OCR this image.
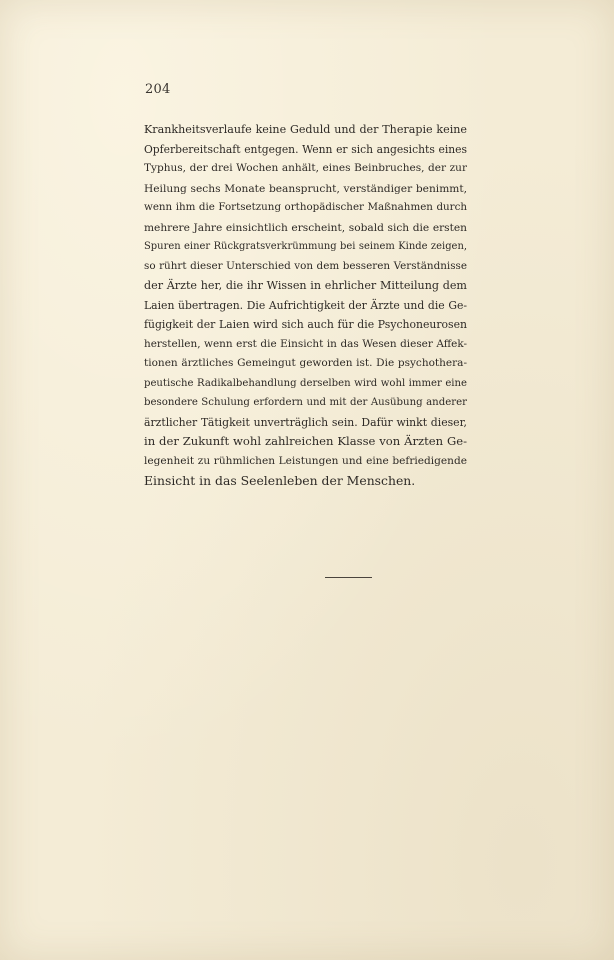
204
Krankheitsverlaufe keine Geduld und der Therapie keine
Opferbereitschaft entgegen. Wenn er sich angesichts eines
Typhus, der drei Wochen anhält, eines Beinbruches, der zur
Heilung sechs Monate beansprucht, verständiger benimmt,
wenn ihm die Fortsetzung orthopädischer Maßnahmen durch
mehrere Jahre einsichtlich erscheint, sobald sich die ersten
Spuren einer Rückgratsverkrümmung bei seinem Kinde zeigen,
so rührt dieser Unterschied von dem besseren Verständnisse
der Ärzte her, die ihr Wissen in ehrlicher Mitteilung dem
Laien übertragen. Die Aufrichtigkeit der Ärzte und die Ge-
fügigkeit der Laien wird sich auch für die Psychoneurosen
herstellen, wenn erst die Einsicht in das Wesen dieser Affek-
tionen ärztliches Gemeingut geworden ist. Die psychothera-
peutische Radikalbehandlung derselben wird wohl immer eine
besondere Schulung erfordern und mit der Ausübung anderer
ärztlicher Tätigkeit unverträglich sein. Dafür winkt dieser,
in der Zukunft wohl zahlreichen Klasse von Ärzten Ge-
legenheit zu rühmlichen Leistungen und eine befriedigende
Einsicht in das Seelenleben der Menschen.
